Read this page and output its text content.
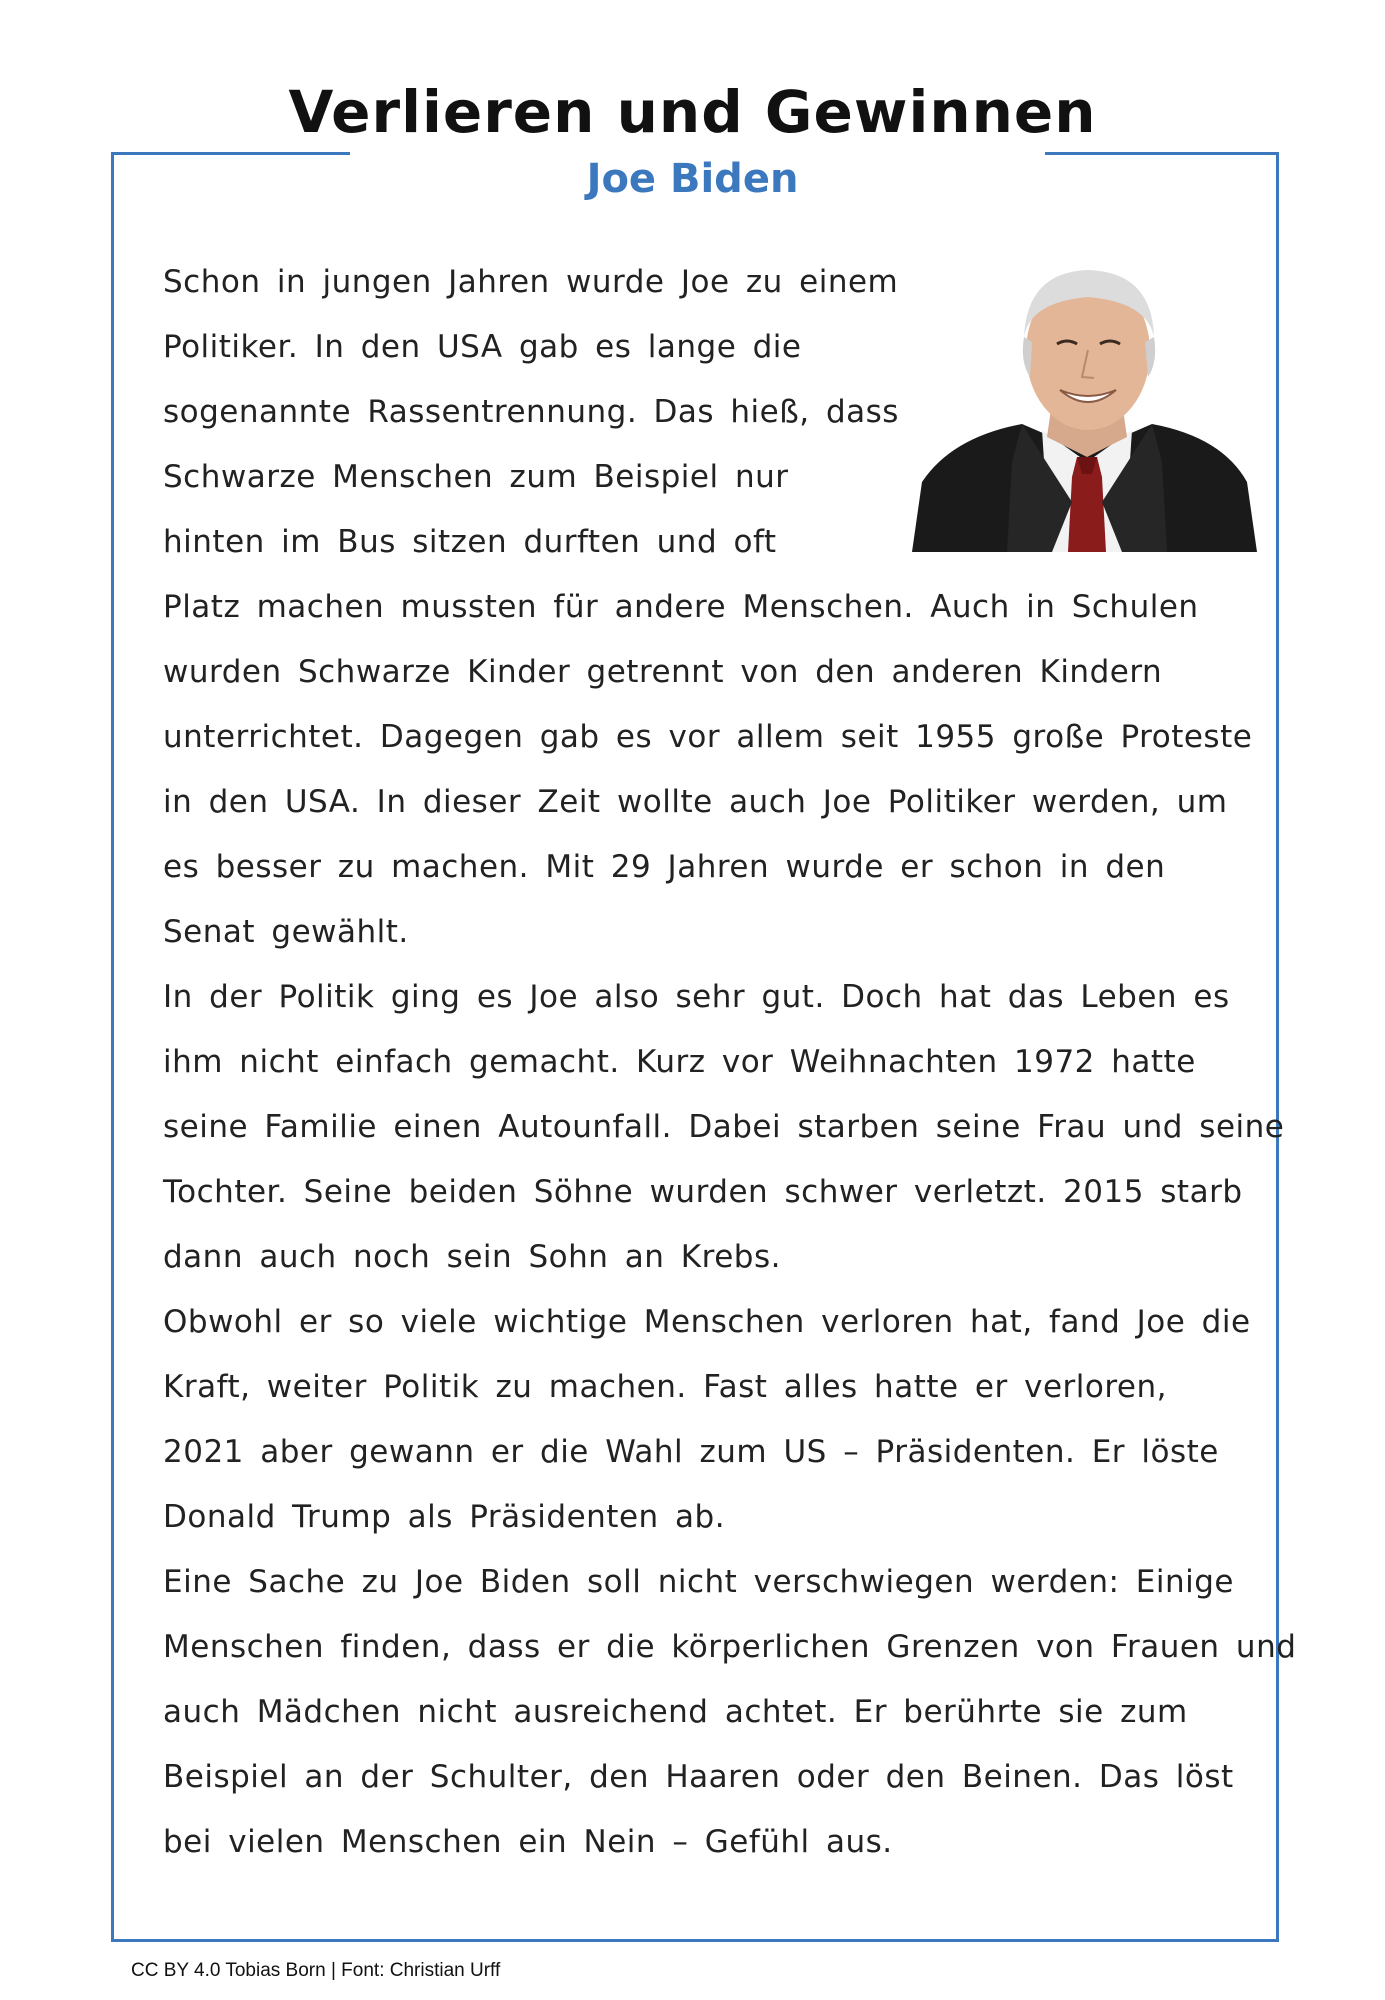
Verlieren und Gewinnen
Joe Biden
Schon in jungen Jahren wurde Joe zu einem
Politiker. In den USA gab es lange die
sogenannte Rassentrennung. Das hieß, dass
Schwarze Menschen zum Beispiel nur
hinten im Bus sitzen durften und oft
Platz machen mussten für andere Menschen. Auch in Schulen
wurden Schwarze Kinder getrennt von den anderen Kindern
unterrichtet. Dagegen gab es vor allem seit 1955 große Proteste
in den USA. In dieser Zeit wollte auch Joe Politiker werden, um
es besser zu machen. Mit 29 Jahren wurde er schon in den
Senat gewählt.
In der Politik ging es Joe also sehr gut. Doch hat das Leben es
ihm nicht einfach gemacht. Kurz vor Weihnachten 1972 hatte
seine Familie einen Autounfall. Dabei starben seine Frau und seine
Tochter. Seine beiden Söhne wurden schwer verletzt. 2015 starb
dann auch noch sein Sohn an Krebs.
Obwohl er so viele wichtige Menschen verloren hat, fand Joe die
Kraft, weiter Politik zu machen. Fast alles hatte er verloren,
2021 aber gewann er die Wahl zum US – Präsidenten. Er löste
Donald Trump als Präsidenten ab.
Eine Sache zu Joe Biden soll nicht verschwiegen werden: Einige
Menschen finden, dass er die körperlichen Grenzen von Frauen und
auch Mädchen nicht ausreichend achtet. Er berührte sie zum
Beispiel an der Schulter, den Haaren oder den Beinen. Das löst
bei vielen Menschen ein Nein – Gefühl aus.
CC BY 4.0 Tobias Born | Font: Christian Urff
